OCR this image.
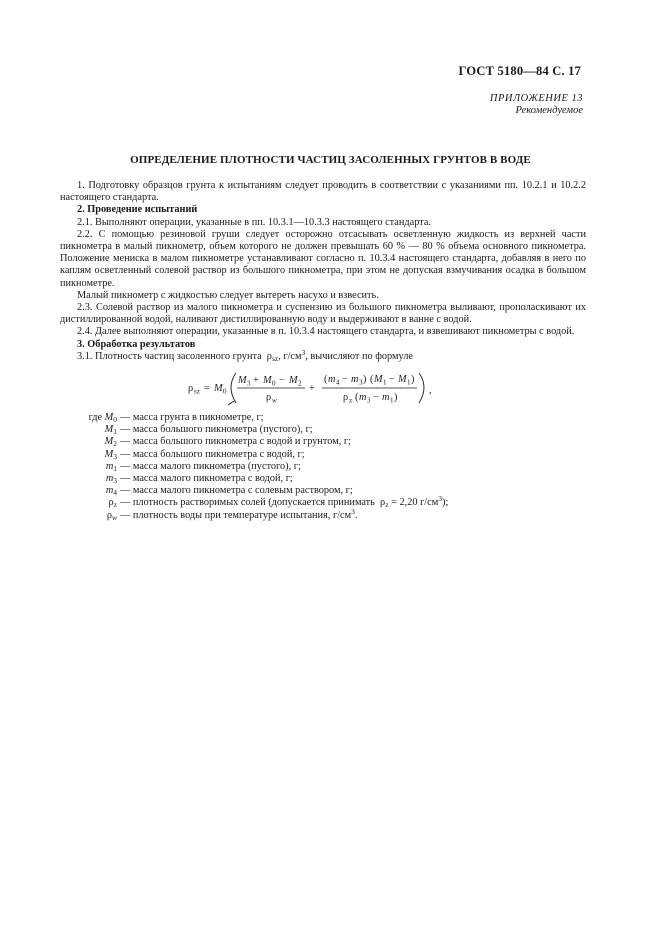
ГОСТ 5180—84 С. 17
ПРИЛОЖЕНИЕ 13
Рекомендуемое
ОПРЕДЕЛЕНИЕ ПЛОТНОСТИ ЧАСТИЦ ЗАСОЛЕННЫХ ГРУНТОВ В ВОДЕ

1. Подготовку образцов грунта к испытаниям следует проводить в соответствии с указаниями пп. 10.2.1 и 10.2.2 настоящего стандарта.

2. Проведение испытаний

2.1. Выполняют операции, указанные в пп. 10.3.1—10.3.3 настоящего стандарта.

2.2. С помощью резиновой груши следует осторожно отсасывать осветленную жидкость из верхней части пикнометра в малый пикнометр, объем которого не должен превышать 60 % — 80 % объема основного пикнометра. Положение мениска в малом пикнометре устанавливают согласно п. 10.3.4 настоящего стандарта, добавляя в него по каплям осветленный солевой раствор из большого пикнометра, при этом не допуская взмучивания осадка в большом пикнометре.

Малый пикнометр с жидкостью следует вытереть насухо и взвесить.

2.3. Солевой раствор из малого пикнометра и суспензию из большого пикнометра выливают, прополаскивают их дистиллированной водой, наливают дистиллированную воду и выдерживают в ванне с водой.

2.4. Далее выполняют операции, указанные в п. 10.3.4 настоящего стандарта, и взвешивают пикнометры с водой.

3. Обработка результатов

3.1. Плотность частиц засоленного грунта  $\rho_{sz}$, $г/см^3$, вычисляют по формуле

ρ sz = M 0
M 3 + M 0 − M 2
ρ w
+
( m 4 − m 3 ) ( M 1 − M 1 )
ρ z ( m 3 − m 1 )
,
где $M_0$ — масса грунта в пикнометре, г;
$M_1$ — масса большого пикнометра (пустого), г;
$M_2$ — масса большого пикнометра с водой и грунтом, г;
$M_3$ — масса большого пикнометра с водой, г;
$m_1$ — масса малого пикнометра (пустого), г;
$m_3$ — масса малого пикнометра с водой, г;
$m_4$ — масса малого пикнометра с солевым раствором, г;
$\rho_z$ — плотность растворимых солей (допускается принимать  $\rho_z = 2,20$ $г/см^3$);
$\rho_w$ — плотность воды при температуре испытания, $г/см^3$.
